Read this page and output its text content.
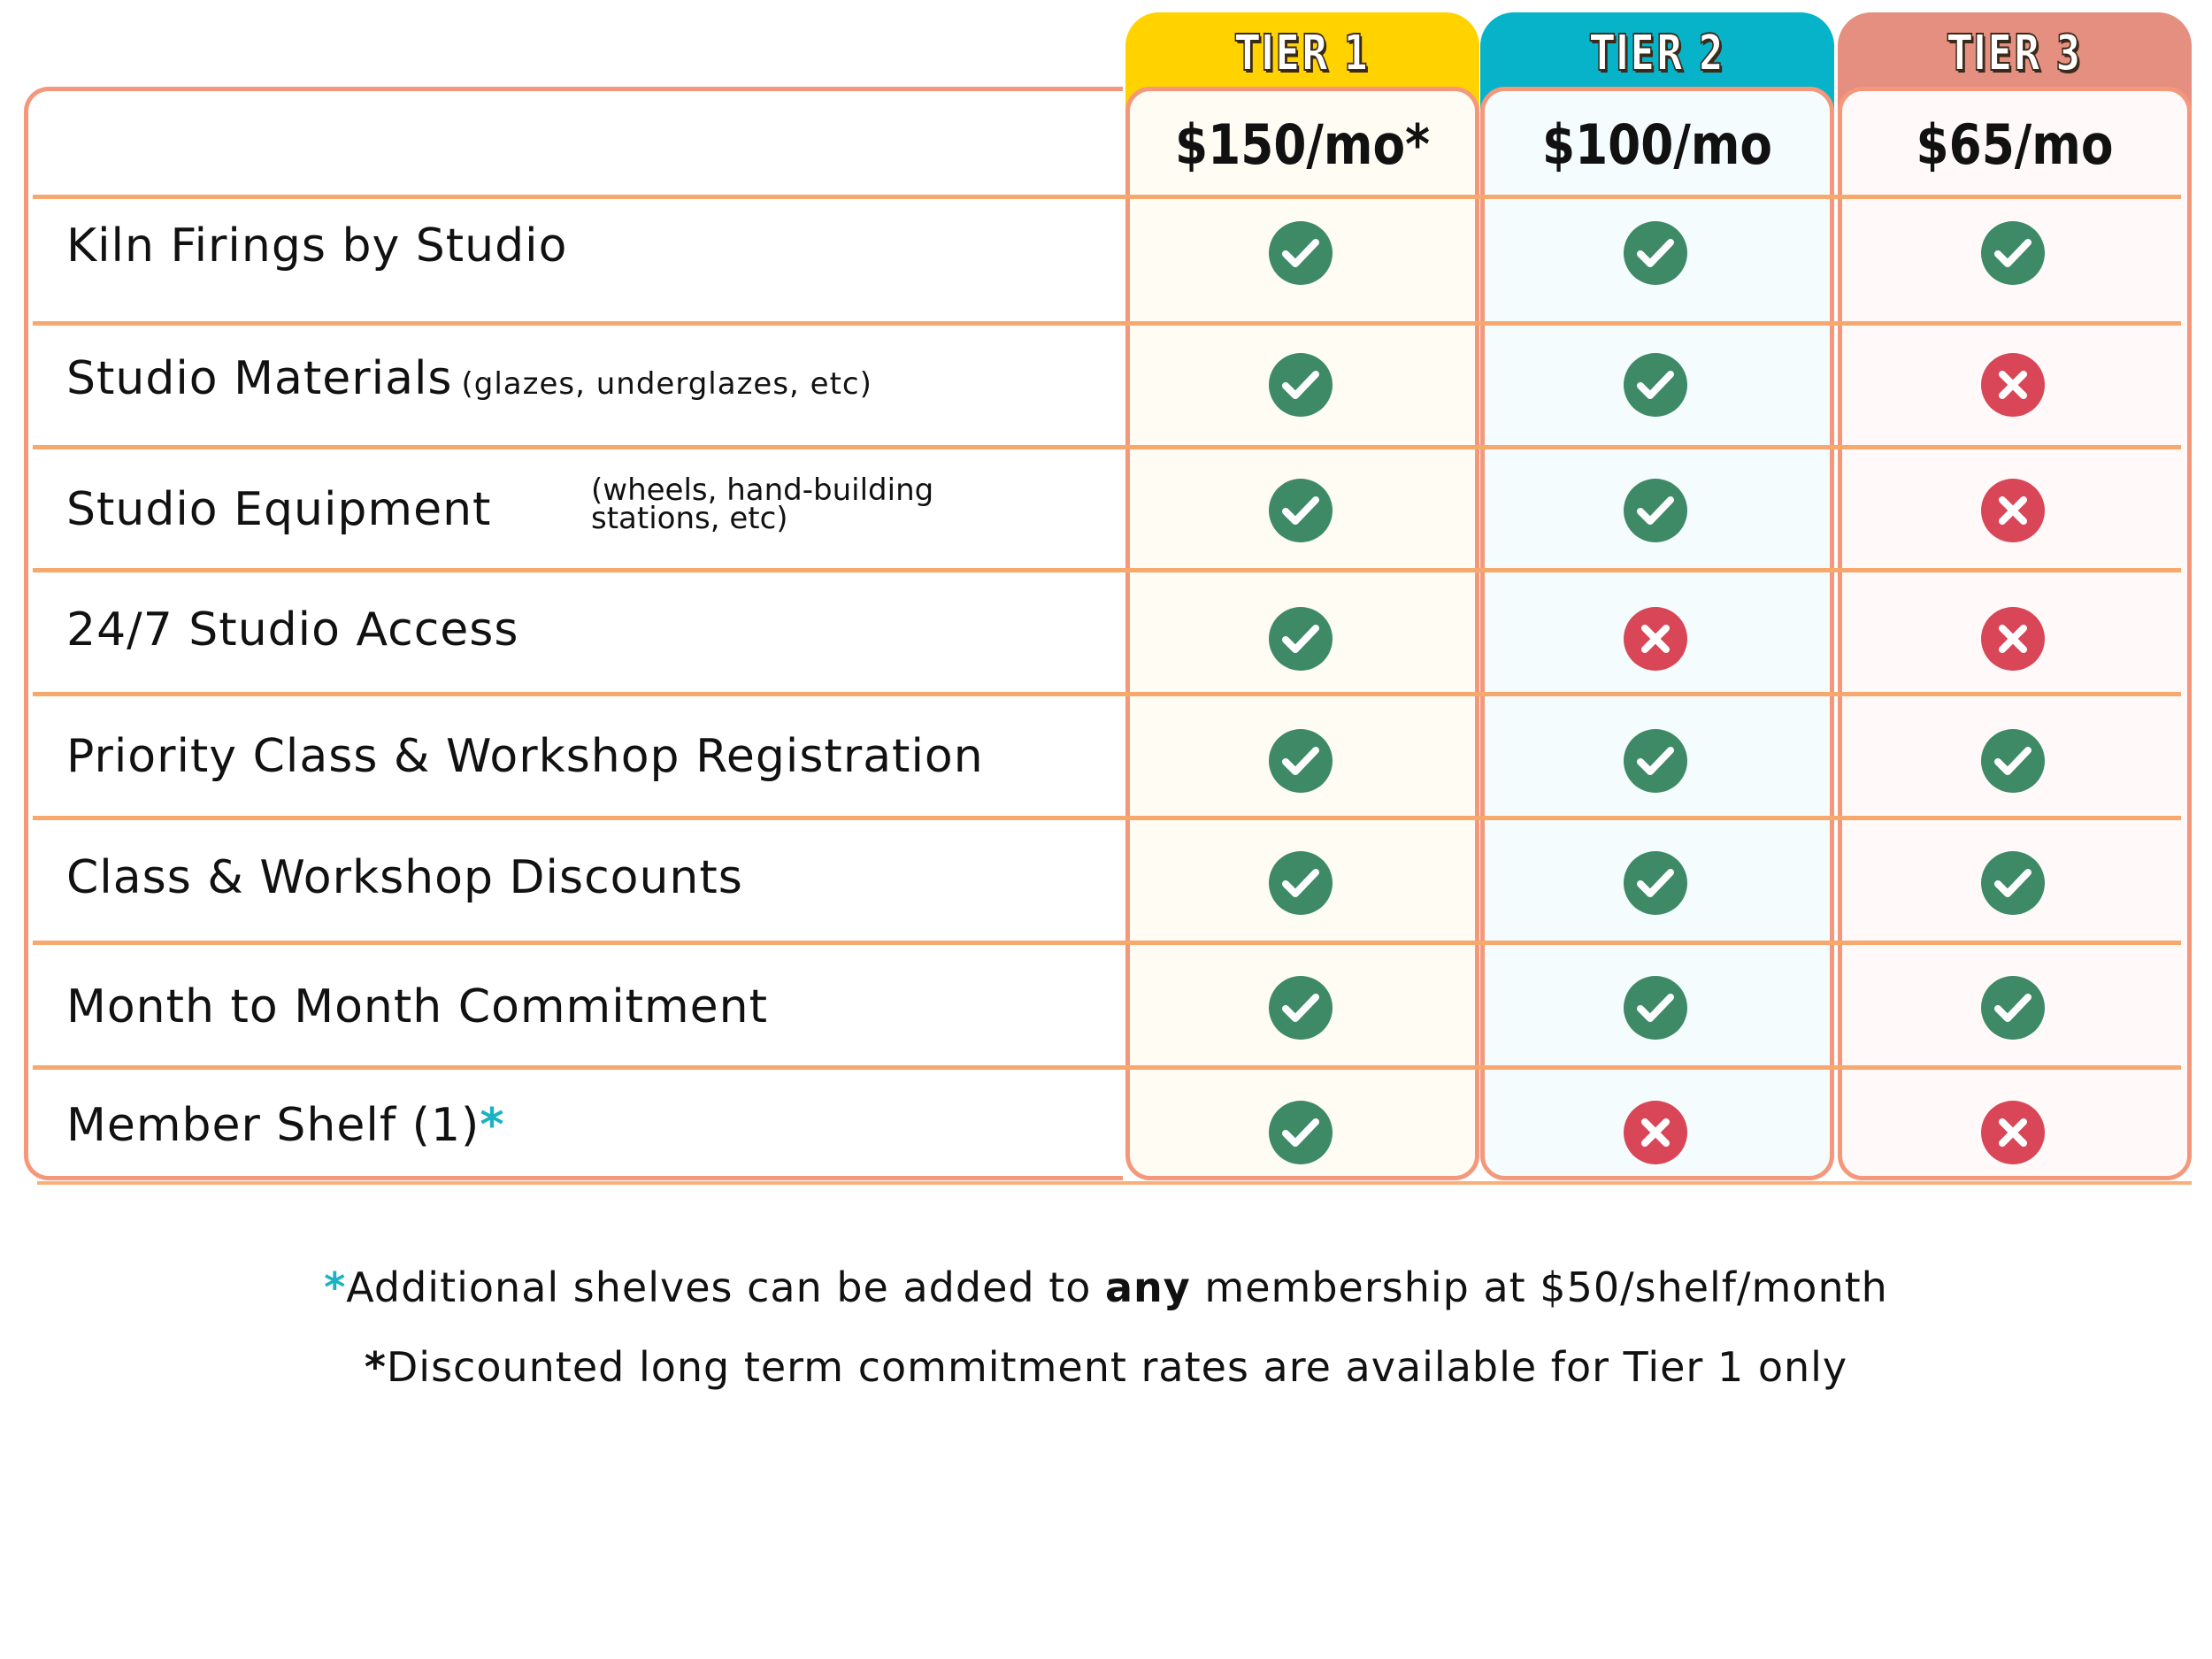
TIER 1
$150/mo*
TIER 2
$100/mo
TIER 3
$65/mo
Kiln Firings by Studio
Studio Materials (glazes, underglazes, etc)
Studio Equipment	(wheels, hand-building
stations, etc)
24/7 Studio Access
Priority Class & Workshop Registration
Class & Workshop Discounts
Month to Month Commitment
Member Shelf (1)*
*Additional shelves can be added to any membership at $50/shelf/month
*Discounted long term commitment rates are available for Tier 1 only
